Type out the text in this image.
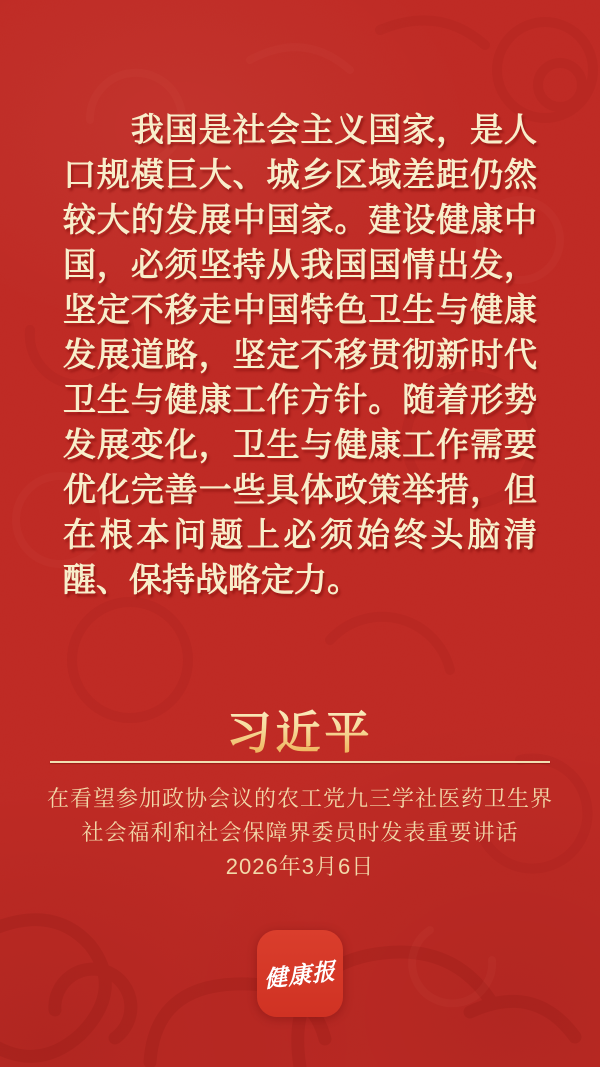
　　我国是社会主义国家，是人
口规模巨大、城乡区域差距仍然
较大的发展中国家。建设健康中
国，必须坚持从我国国情出发，
坚定不移走中国特色卫生与健康
发展道路，坚定不移贯彻新时代
卫生与健康工作方针。随着形势
发展变化，卫生与健康工作需要
优化完善一些具体政策举措，但
在根本问题上必须始终头脑清
醒、保持战略定力。
习近平
在看望参加政协会议的农工党九三学社医药卫生界
社会福利和社会保障界委员时发表重要讲话
2026年3月6日
健康报
